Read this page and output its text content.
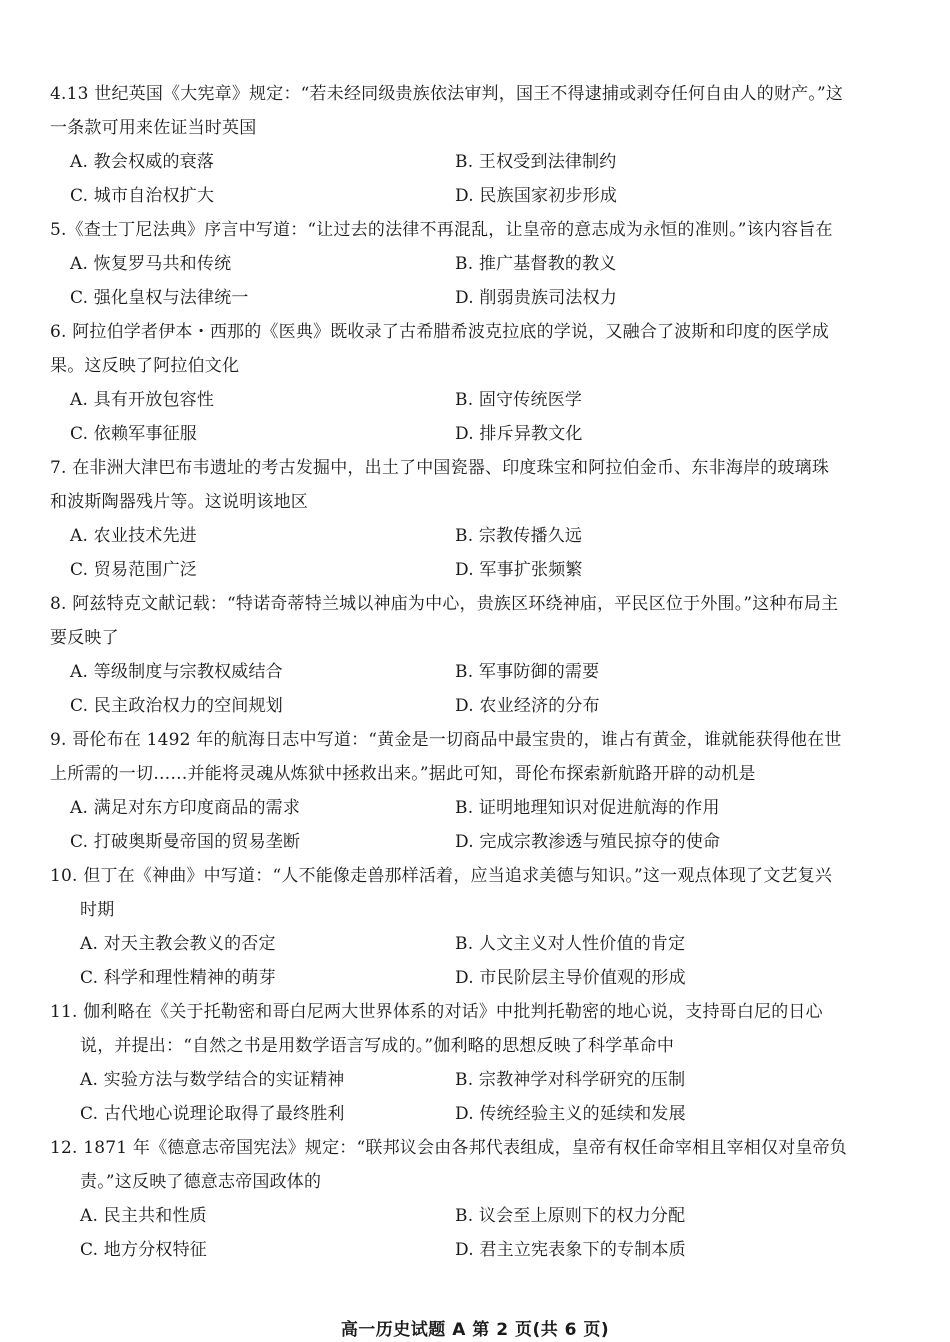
4.13 世纪英国《大宪章》规定：“若未经同级贵族依法审判，国王不得逮捕或剥夺任何自由人的财产。”这
一条款可用来佐证当时英国
A. 教会权威的衰落	B. 王权受到法律制约
C. 城市自治权扩大	D. 民族国家初步形成
5.《查士丁尼法典》序言中写道：“让过去的法律不再混乱，让皇帝的意志成为永恒的准则。”该内容旨在
A. 恢复罗马共和传统	B. 推广基督教的教义
C. 强化皇权与法律统一	D. 削弱贵族司法权力
6. 阿拉伯学者伊本・西那的《医典》既收录了古希腊希波克拉底的学说，又融合了波斯和印度的医学成
果。这反映了阿拉伯文化
A. 具有开放包容性	B. 固守传统医学
C. 依赖军事征服	D. 排斥异教文化
7. 在非洲大津巴布韦遗址的考古发掘中，出土了中国瓷器、印度珠宝和阿拉伯金币、东非海岸的玻璃珠
和波斯陶器残片等。这说明该地区
A. 农业技术先进	B. 宗教传播久远
C. 贸易范围广泛	D. 军事扩张频繁
8. 阿兹特克文献记载：“特诺奇蒂特兰城以神庙为中心，贵族区环绕神庙，平民区位于外围。”这种布局主
要反映了
A. 等级制度与宗教权威结合	B. 军事防御的需要
C. 民主政治权力的空间规划	D. 农业经济的分布
9. 哥伦布在 1492 年的航海日志中写道：“黄金是一切商品中最宝贵的，谁占有黄金，谁就能获得他在世
上所需的一切……并能将灵魂从炼狱中拯救出来。”据此可知，哥伦布探索新航路开辟的动机是
A. 满足对东方印度商品的需求	B. 证明地理知识对促进航海的作用
C. 打破奥斯曼帝国的贸易垄断	D. 完成宗教渗透与殖民掠夺的使命
10. 但丁在《神曲》中写道：“人不能像走兽那样活着，应当追求美德与知识。”这一观点体现了文艺复兴
时期
A. 对天主教会教义的否定	B. 人文主义对人性价值的肯定
C. 科学和理性精神的萌芽	D. 市民阶层主导价值观的形成
11. 伽利略在《关于托勒密和哥白尼两大世界体系的对话》中批判托勒密的地心说，支持哥白尼的日心
说，并提出：“自然之书是用数学语言写成的。”伽利略的思想反映了科学革命中
A. 实验方法与数学结合的实证精神	B. 宗教神学对科学研究的压制
C. 古代地心说理论取得了最终胜利	D. 传统经验主义的延续和发展
12. 1871 年《德意志帝国宪法》规定：“联邦议会由各邦代表组成，皇帝有权任命宰相且宰相仅对皇帝负
责。”这反映了德意志帝国政体的
A. 民主共和性质	B. 议会至上原则下的权力分配
C. 地方分权特征	D. 君主立宪表象下的专制本质
高一历史试题 A 第 2 页(共 6 页)
